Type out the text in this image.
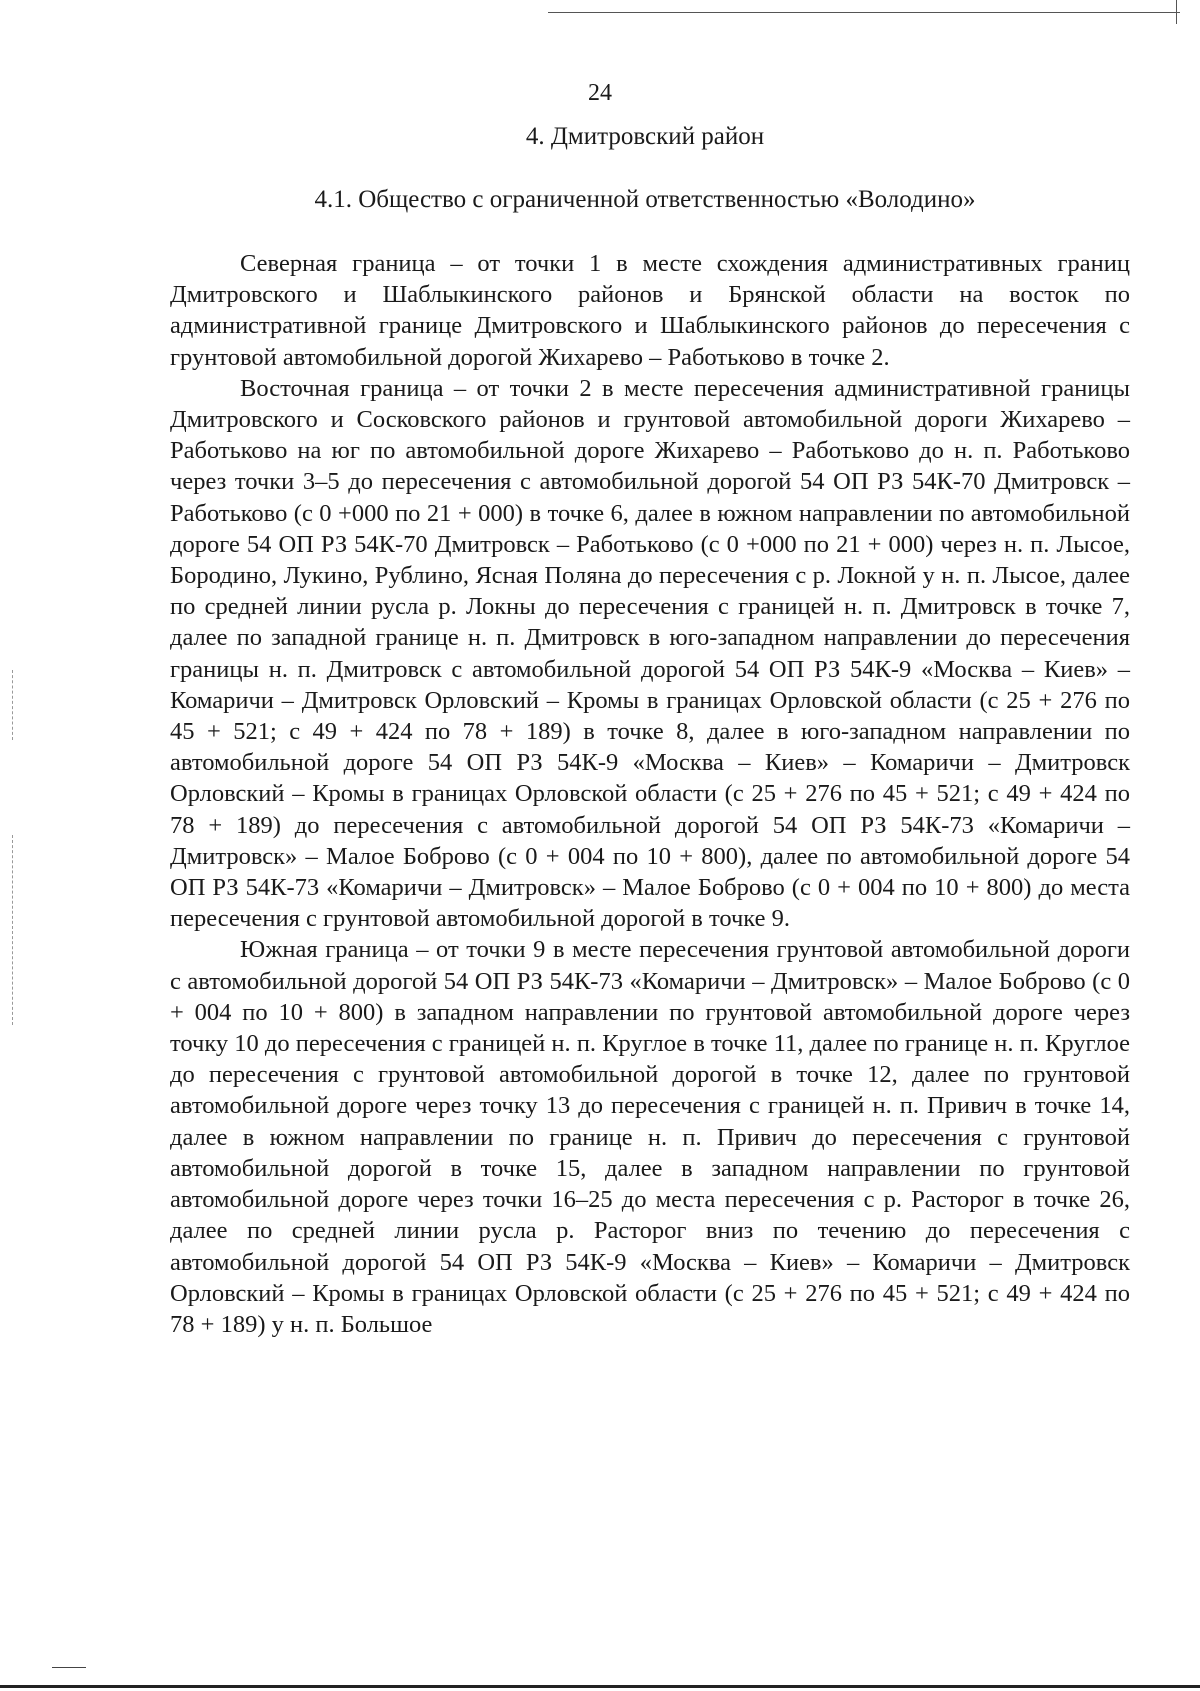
24
4. Дмитровский район
4.1. Общество с ограниченной ответственностью «Володино»

Северная граница – от точки 1 в месте схождения административных границ Дмитровского и Шаблыкинского районов и Брянской области на восток по административной границе Дмитровского и Шаблыкинского районов до пересечения с грунтовой автомобильной дорогой Жихарево – Работьково в точке 2.

Восточная граница – от точки 2 в месте пересечения административной границы Дмитровского и Сосковского районов и грунтовой автомобильной дороги Жихарево – Работьково на юг по автомобильной дороге Жихарево – Работьково до н. п. Работьково через точки 3–5 до пересечения с автомобильной дорогой 54 ОП РЗ 54К-70 Дмитровск – Работьково (с 0 +000 по 21 + 000) в точке 6, далее в южном направлении по автомобильной дороге 54 ОП РЗ 54К-70 Дмитровск – Работьково (с 0 +000 по 21 + 000) через н. п. Лысое, Бородино, Лукино, Рублино, Ясная Поляна до пересечения с р. Локной у н. п. Лысое, далее по средней линии русла р. Локны до пересечения с границей н. п. Дмитровск в точке 7, далее по западной границе н. п. Дмитровск в юго-западном направлении до пересечения границы н. п. Дмитровск с автомобильной дорогой 54 ОП РЗ 54К-9 «Москва – Киев» – Комаричи – Дмитровск Орловский – Кромы в границах Орловской области (с 25 + 276 по 45 + 521; с 49 + 424 по 78 + 189) в точке 8, далее в юго-западном направлении по автомобильной дороге 54 ОП РЗ 54К-9 «Москва – Киев» – Комаричи – Дмитровск Орловский – Кромы в границах Орловской области (с 25 + 276 по 45 + 521; с 49 + 424 по 78 + 189) до пересечения с автомобильной дорогой 54 ОП РЗ 54К-73 «Комаричи – Дмитровск» – Малое Боброво (с 0 + 004 по 10 + 800), далее по автомобильной дороге 54 ОП РЗ 54К-73 «Комаричи – Дмитровск» – Малое Боброво (с 0 + 004 по 10 + 800) до места пересечения с грунтовой автомобильной дорогой в точке 9.

Южная граница – от точки 9 в месте пересечения грунтовой автомобильной дороги с автомобильной дорогой 54 ОП РЗ 54К-73 «Комаричи – Дмитровск» – Малое Боброво (с 0 + 004 по 10 + 800) в западном направлении по грунтовой автомобильной дороге через точку 10 до пересечения с границей н. п. Круглое в точке 11, далее по границе н. п. Круглое до пересечения с грунтовой автомобильной дорогой в точке 12, далее по грунтовой автомобильной дороге через точку 13 до пересечения с границей н. п. Привич в точке 14, далее в южном направлении по границе н. п. Привич до пересечения с грунтовой автомобильной дорогой в точке 15, далее в западном направлении по грунтовой автомобильной дороге через точки 16–25 до места пересечения с р. Расторог в точке 26, далее по средней линии русла р. Расторог вниз по течению до пересечения с автомобильной дорогой 54 ОП РЗ 54К-9 «Москва – Киев» – Комаричи – Дмитровск Орловский – Кромы в границах Орловской области (с 25 + 276 по 45 + 521; с 49 + 424 по 78 + 189) у н. п. Большое
